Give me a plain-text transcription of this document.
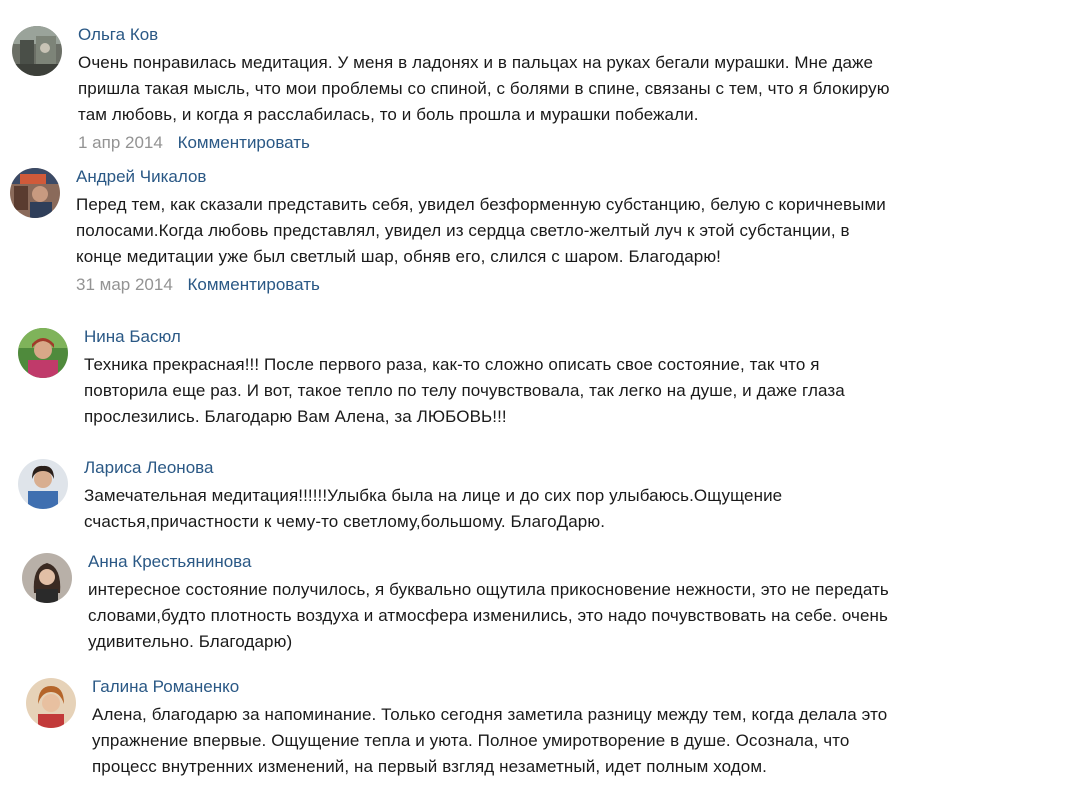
Ольга Ков
Очень понравилась медитация. У меня в ладонях и в пальцах на руках бегали мурашки. Мне даже
пришла такая мысль, что мои проблемы со спиной, с болями в спине, связаны с тем, что я блокирую
там любовь, и когда я расслабилась, то и боль прошла и мурашки побежали.
1 апр 2014 Комментировать
Андрей Чикалов
Перед тем, как сказали представить себя, увидел безформенную субстанцию, белую с коричневыми
полосами.Когда любовь представлял, увидел из сердца светло-желтый луч к этой субстанции, в
конце медитации уже был светлый шар, обняв его, слился с шаром. Благодарю!
31 мар 2014 Комментировать
Нина Басюл
Техника прекрасная!!! После первого раза, как-то сложно описать свое состояние, так что я
повторила еще раз. И вот, такое тепло по телу почувствовала, так легко на душе, и даже глаза
прослезились. Благодарю Вам Алена, за ЛЮБОВЬ!!!
Лариса Леонова
Замечательная медитация!!!!!!Улыбка была на лице и до сих пор улыбаюсь.Ощущение
счастья,причастности к чему-то светлому,большому. БлагоДарю.
Анна Крестьянинова
интересное состояние получилось, я буквально ощутила прикосновение нежности, это не передать
словами,будто плотность воздуха и атмосфера изменились, это надо почувствовать на себе. очень
удивительно. Благодарю)
Галина Романенко
Алена, благодарю за напоминание. Только сегодня заметила разницу между тем, когда делала это
упражнение впервые. Ощущение тепла и уюта. Полное умиротворение в душе. Осознала, что
процесс внутренних изменений, на первый взгляд незаметный, идет полным ходом.
